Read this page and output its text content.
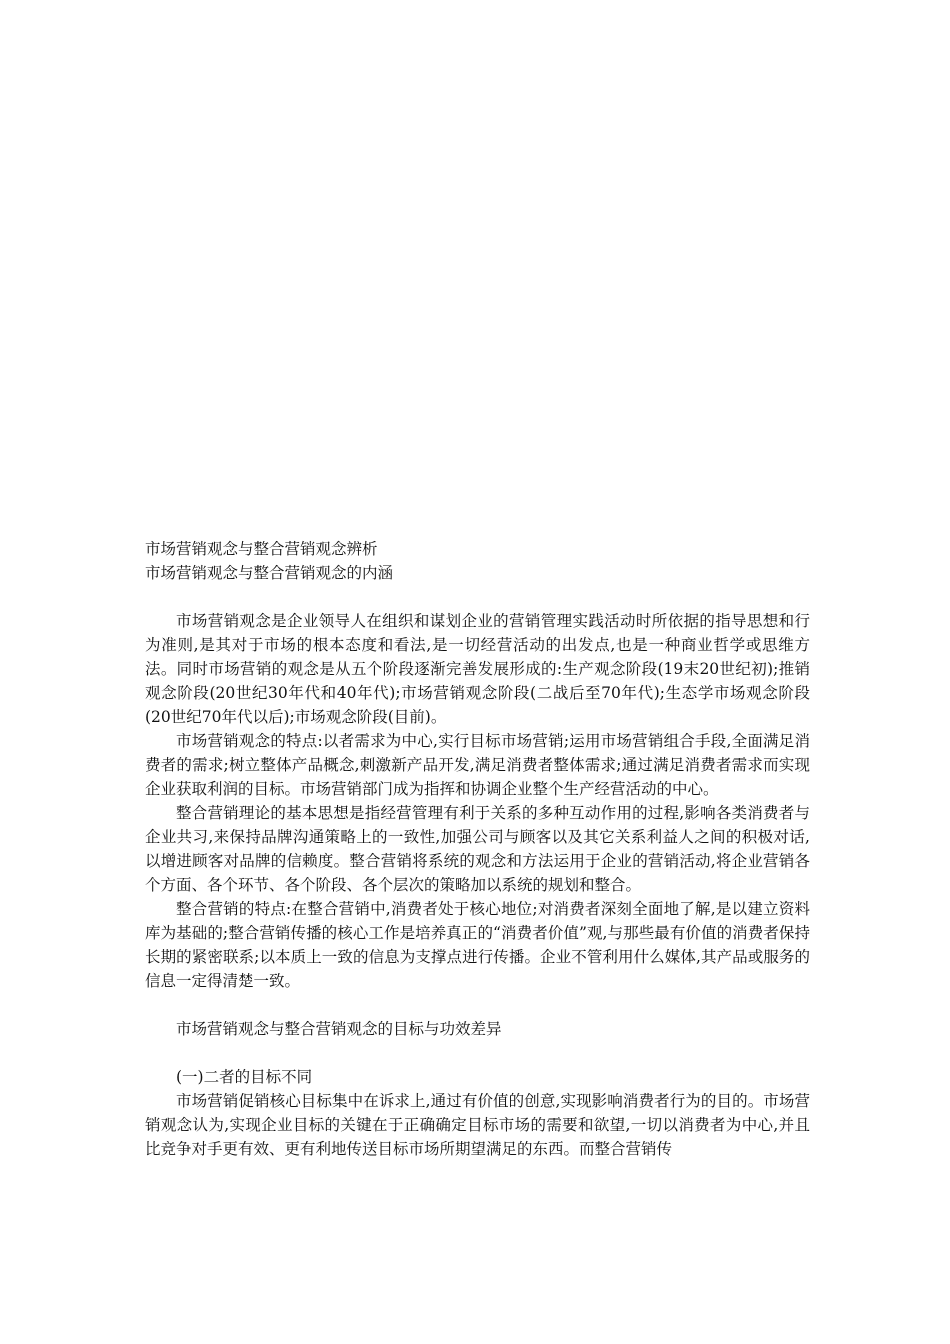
市场营销观念与整合营销观念辨析

市场营销观念与整合营销观念的内涵

市场营销观念是企业领导人在组织和谋划企业的营销管理实践活动时所依据的指导思想和行为准则,是其对于市场的根本态度和看法,是一切经营活动的出发点,也是一种商业哲学或思维方法。同时市场营销的观念是从五个阶段逐渐完善发展形成的:生产观念阶段(19末20世纪初);推销观念阶段(20世纪30年代和40年代);市场营销观念阶段(二战后至70年代);生态学市场观念阶段(20世纪70年代以后);市场观念阶段(目前)。

市场营销观念的特点:以者需求为中心,实行目标市场营销;运用市场营销组合手段,全面满足消费者的需求;树立整体产品概念,刺激新产品开发,满足消费者整体需求;通过满足消费者需求而实现企业获取利润的目标。市场营销部门成为指挥和协调企业整个生产经营活动的中心。

整合营销理论的基本思想是指经营管理有利于关系的多种互动作用的过程,影响各类消费者与企业共习,来保持品牌沟通策略上的一致性,加强公司与顾客以及其它关系利益人之间的积极对话,以增进顾客对品牌的信赖度。整合营销将系统的观念和方法运用于企业的营销活动,将企业营销各个方面、各个环节、各个阶段、各个层次的策略加以系统的规划和整合。

整合营销的特点:在整合营销中,消费者处于核心地位;对消费者深刻全面地了解,是以建立资料库为基础的;整合营销传播的核心工作是培养真正的“消费者价值”观,与那些最有价值的消费者保持长期的紧密联系;以本质上一致的信息为支撑点进行传播。企业不管利用什么媒体,其产品或服务的信息一定得清楚一致。

市场营销观念与整合营销观念的目标与功效差异

(一)二者的目标不同

市场营销促销核心目标集中在诉求上,通过有价值的创意,实现影响消费者行为的目的。市场营销观念认为,实现企业目标的关键在于正确确定目标市场的需要和欲望,一切以消费者为中心,并且比竞争对手更有效、更有利地传送目标市场所期望满足的东西。而整合营销传
